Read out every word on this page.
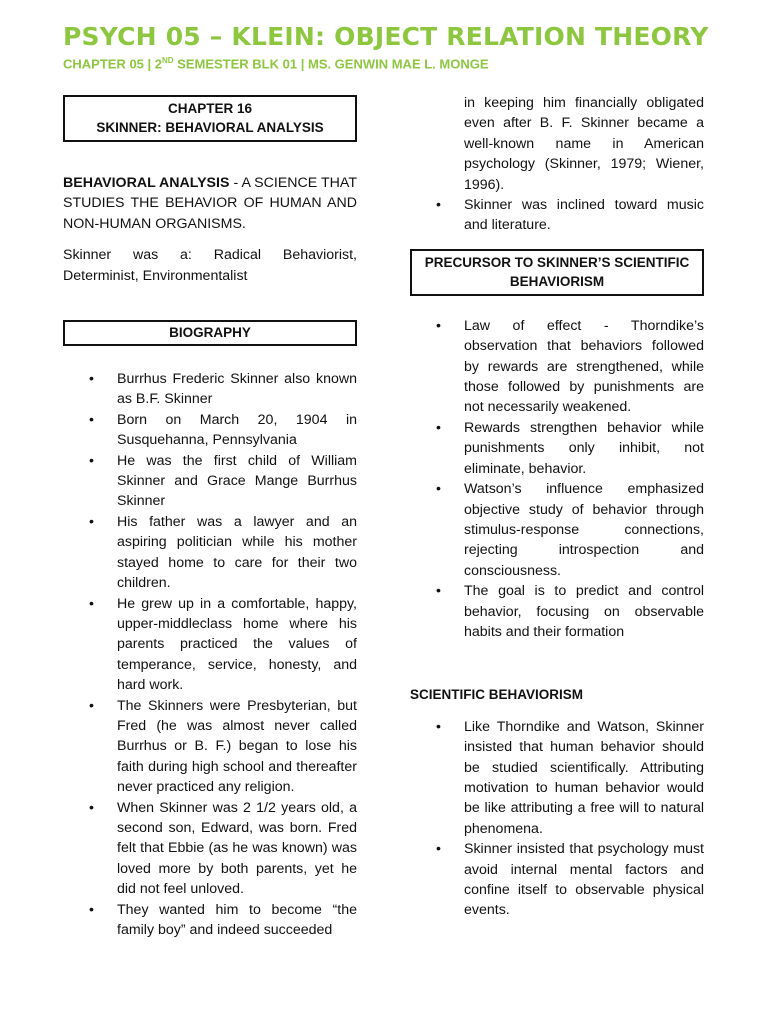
PSYCH 05 – KLEIN: OBJECT RELATION THEORY
CHAPTER 05 | 2ND SEMESTER BLK 01 | MS. GENWIN MAE L. MONGE
CHAPTER 16
SKINNER: BEHAVIORAL ANALYSIS

BEHAVIORAL ANALYSIS - A SCIENCE THAT STUDIES THE BEHAVIOR OF HUMAN AND NON-HUMAN ORGANISMS.

Skinner was a: Radical Behaviorist, Determinist, Environmentalist

BIOGRAPHY
• Burrhus Frederic Skinner also known as B.F. Skinner
• Born on March 20, 1904 in Susquehanna, Pennsylvania
• He was the first child of William Skinner and Grace Mange Burrhus Skinner
• His father was a lawyer and an aspiring politician while his mother stayed home to care for their two children.
• He grew up in a comfortable, happy, upper-middleclass home where his parents practiced the values of temperance, service, honesty, and hard work.
• The Skinners were Presbyterian, but Fred (he was almost never called Burrhus or B. F.) began to lose his faith during high school and thereafter never practiced any religion.
• When Skinner was 2 1/2 years old, a second son, Edward, was born. Fred felt that Ebbie (as he was known) was loved more by both parents, yet he did not feel unloved.
• They wanted him to become “the family boy” and indeed succeeded
in keeping him financially obligated even after B. F. Skinner became a well-known name in American psychology (Skinner, 1979; Wiener, 1996).
• Skinner was inclined toward music and literature.
PRECURSOR TO SKINNER’S SCIENTIFIC BEHAVIORISM
• Law of effect - Thorndike’s observation that behaviors followed by rewards are strengthened, while those followed by punishments are not necessarily weakened.
• Rewards strengthen behavior while punishments only inhibit, not eliminate, behavior.
• Watson’s influence emphasized objective study of behavior through stimulus-response connections, rejecting introspection and consciousness.
• The goal is to predict and control behavior, focusing on observable habits and their formation
SCIENTIFIC BEHAVIORISM
• Like Thorndike and Watson, Skinner insisted that human behavior should be studied scientifically. Attributing motivation to human behavior would be like attributing a free will to natural phenomena.
• Skinner insisted that psychology must avoid internal mental factors and confine itself to observable physical events.
